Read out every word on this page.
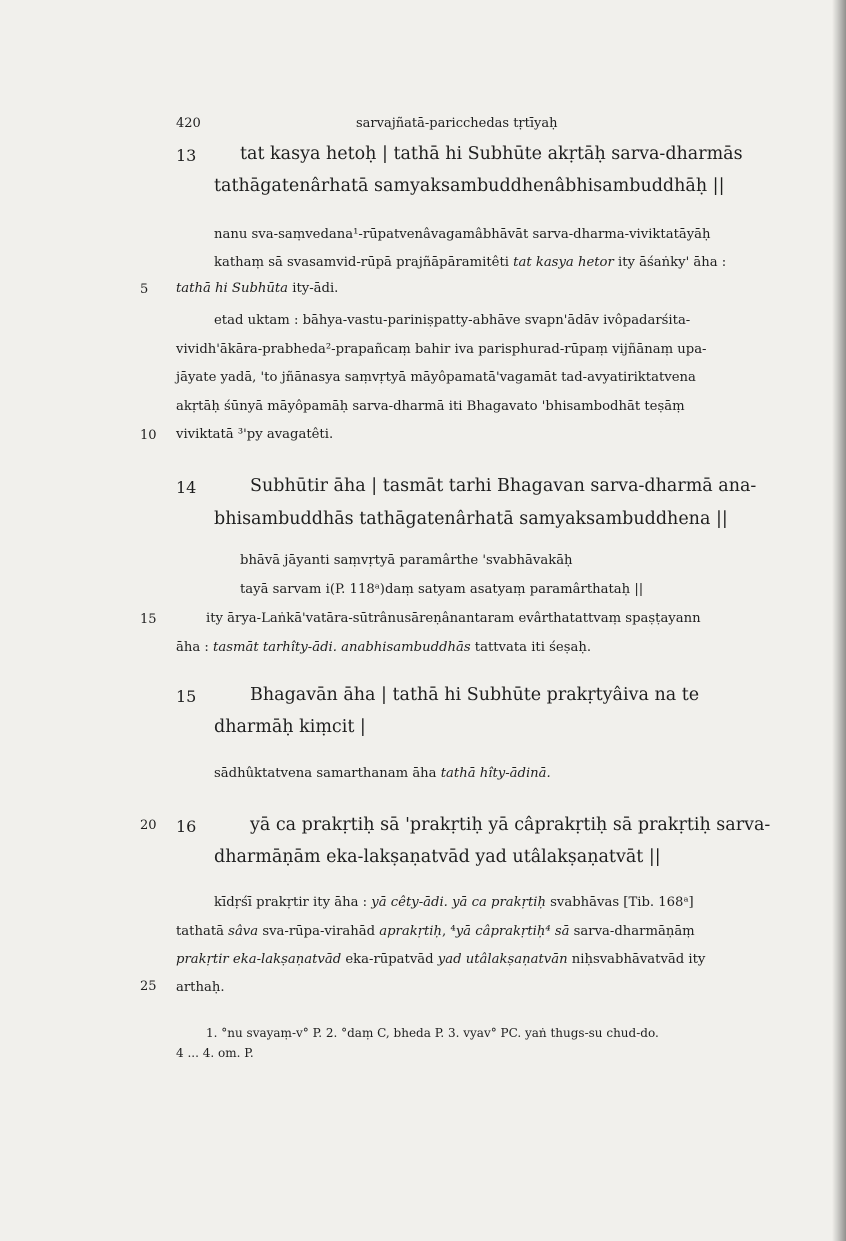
420	sarvajñatā-paricchedas tṛtīyaḥ
5
10
15
20
25
13 tat kasya hetoḥ | tathā hi Subhūte akṛtāḥ sarva-dharmās
tathāgatenârhatā samyaksambuddhenâbhisambuddhāḥ ||
nanu sva-saṃvedana¹-rūpatvenâvagamâbhāvāt sarva-dharma-viviktatāyāḥ
kathaṃ sā svasamvid-rūpā prajñāpāramitêti tat kasya hetor ity āśaṅky' āha :
tathā hi Subhūta ity-ādi.
etad uktam : bāhya-vastu-pariniṣpatty-abhāve svapn'ādāv ivôpadarśita-
vividh'ākāra-prabheda²-prapañcaṃ bahir iva parisphurad-rūpaṃ vijñānaṃ upa-
jāyate yadā, 'to jñānasya saṃvṛtyā māyôpamatā'vagamāt tad-avyatiriktatvena
akṛtāḥ śūnyā māyôpamāḥ sarva-dharmā iti Bhagavato 'bhisambodhāt teṣāṃ
viviktatā ³'py avagatêti.
14	Subhūtir āha | tasmāt tarhi Bhagavan sarva-dharmā ana-
bhisambuddhās tathāgatenârhatā samyaksambuddhena ||
bhāvā jāyanti saṃvṛtyā paramârthe 'svabhāvakāḥ
tayā sarvam i(P. 118ᵃ)daṃ satyam asatyaṃ paramârthataḥ ||
ity ārya-Laṅkā'vatāra-sūtrânusāreṇânantaram evârthatattvaṃ spaṣṭayann
āha : tasmāt tarhîty-ādi. anabhisambuddhās tattvata iti śeṣaḥ.
15	Bhagavān āha | tathā hi Subhūte prakṛtyâiva na te
dharmāḥ kiṃcit |
sādhûktatvena samarthanam āha tathā hîty-ādinā.
16	yā ca prakṛtiḥ sā 'prakṛtiḥ yā câprakṛtiḥ sā prakṛtiḥ sarva-
dharmāṇām eka-lakṣaṇatvād yad utâlakṣaṇatvāt ||
kīdṛśī prakṛtir ity āha : yā cêty-ādi. yā ca prakṛtiḥ svabhāvas [Tib. 168ᵃ]
tathatā sâva sva-rūpa-virahād aprakṛtiḥ, ⁴yā câprakṛtiḥ⁴ sā sarva-dharmāṇāṃ
prakṛtir eka-lakṣaṇatvād eka-rūpatvād yad utâlakṣaṇatvān niḥsvabhāvatvād ity
arthaḥ.
1. °nu svayaṃ-v° P. 2. °daṃ C, bheda P. 3. vyav° PC. yaṅ thugs-su chud-do.
4 ... 4. om. P.
